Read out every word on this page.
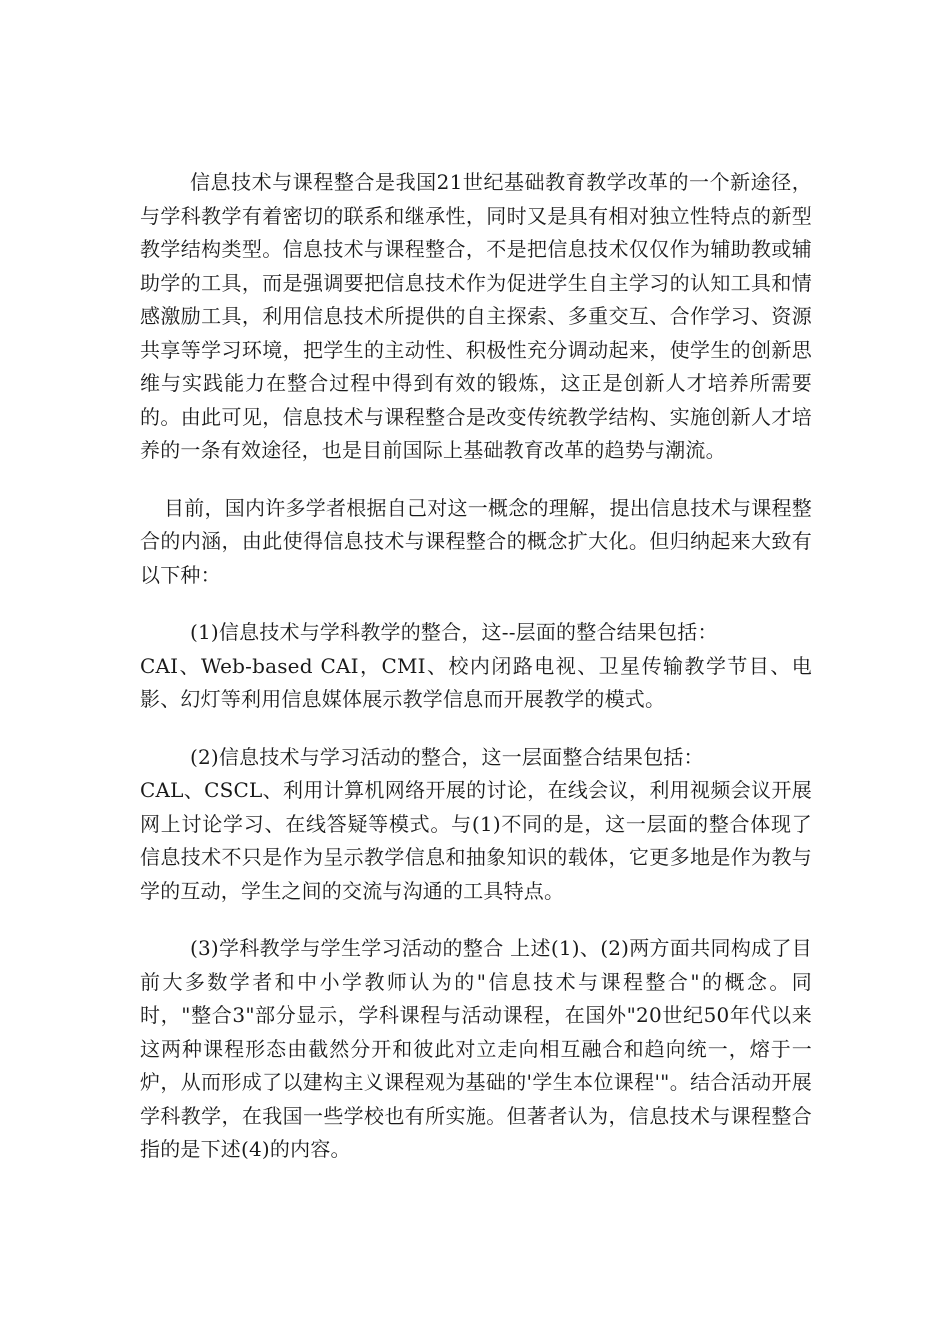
信息技术与课程整合是我国21世纪基础教育教学改革的一个新途径，与学科教学有着密切的联系和继承性，同时又是具有相对独立性特点的新型教学结构类型。信息技术与课程整合，不是把信息技术仅仅作为辅助教或辅助学的工具，而是强调要把信息技术作为促进学生自主学习的认知工具和情感激励工具，利用信息技术所提供的自主探索、多重交互、合作学习、资源共享等学习环境，把学生的主动性、积极性充分调动起来，使学生的创新思维与实践能力在整合过程中得到有效的锻炼，这正是创新人才培养所需要的。由此可见，信息技术与课程整合是改变传统教学结构、实施创新人才培养的一条有效途径，也是目前国际上基础教育改革的趋势与潮流。

目前，国内许多学者根据自己对这一概念的理解，提出信息技术与课程整合的内涵，由此使得信息技术与课程整合的概念扩大化。但归纳起来大致有以下种：

(1)信息技术与学科教学的整合，这--层面的整合结果包括：

CAI、Web-based CAI，CMI、校内闭路电视、卫星传输教学节目、电影、幻灯等利用信息媒体展示教学信息而开展教学的模式。

(2)信息技术与学习活动的整合，这一层面整合结果包括：

CAL、CSCL、利用计算机网络开展的讨论，在线会议，利用视频会议开展网上讨论学习、在线答疑等模式。与(1)不同的是，这一层面的整合体现了信息技术不只是作为呈示教学信息和抽象知识的载体，它更多地是作为教与学的互动，学生之间的交流与沟通的工具特点。

(3)学科教学与学生学习活动的整合 上述(1)、(2)两方面共同构成了目前大多数学者和中小学教师认为的"信息技术与课程整合"的概念。同时，"整合3"部分显示，学科课程与活动课程，在国外"20世纪50年代以来这两种课程形态由截然分开和彼此对立走向相互融合和趋向统一，熔于一炉，从而形成了以建构主义课程观为基础的'学生本位课程'"。结合活动开展学科教学，在我国一些学校也有所实施。但著者认为，信息技术与课程整合指的是下述(4)的内容。
